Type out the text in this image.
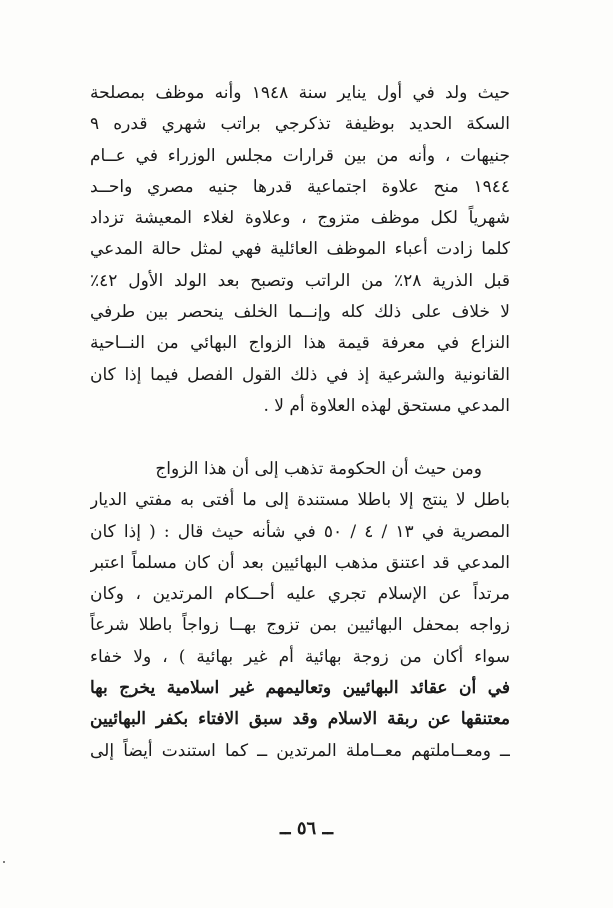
حيث ولد في أول يناير سنة ١٩٤٨ وأنه موظف بمصلحة
السكة الحديد بوظيفة تذكرجي براتب شهري قدره ٩
جنيهات ، وأنه من بين قرارات مجلس الوزراء في عــام
١٩٤٤ منح علاوة اجتماعية قدرها جنيه مصري واحــد
شهرياً لكل موظف متزوج ، وعلاوة لغلاء المعيشة تزداد
كلما زادت أعباء الموظف العائلية فهي لمثل حالة المدعي
قبل الذرية ٢٨٪ من الراتب وتصبح بعد الولد الأول ٤٢٪
لا خلاف على ذلك كله وإنــما الخلف ينحصر بين طرفي
النزاع في معرفة قيمة هذا الزواج البهائي من النــاحية
القانونية والشرعية إذ في ذلك القول الفصل فيما إذا كان
المدعي مستحق لهذه العلاوة أم لا .
ومن حيث أن الحكومة تذهب إلى أن هذا الزواج
باطل لا ينتج إلا باطلا مستندة إلى ما أفتى به مفتي الديار
المصرية في ١٣ / ٤ / ٥٠ في شأنه حيث قال : ( إذا كان
المدعي قد اعتنق مذهب البهائيين بعد أن كان مسلماً اعتبر
مرتداً عن الإسلام تجري عليه أحــكام المرتدين ، وكان
زواجه بمحفل البهائيين بمن تزوج بهــا زواجاً باطلا شرعاً
سواء أكان من زوجة بهائية أم غير بهائية ) ، ولا خفاء
في أن عقائد البهائيين وتعاليمهم غير اسلامية يخرج بها
معتنقها عن ربقة الاسلام وقد سبق الافتاء بكفر البهائيين
ــ ومعــاملتهم معــاملة المرتدين ــ كما استندت أيضاً إلى
ــ ٥٦ ــ
